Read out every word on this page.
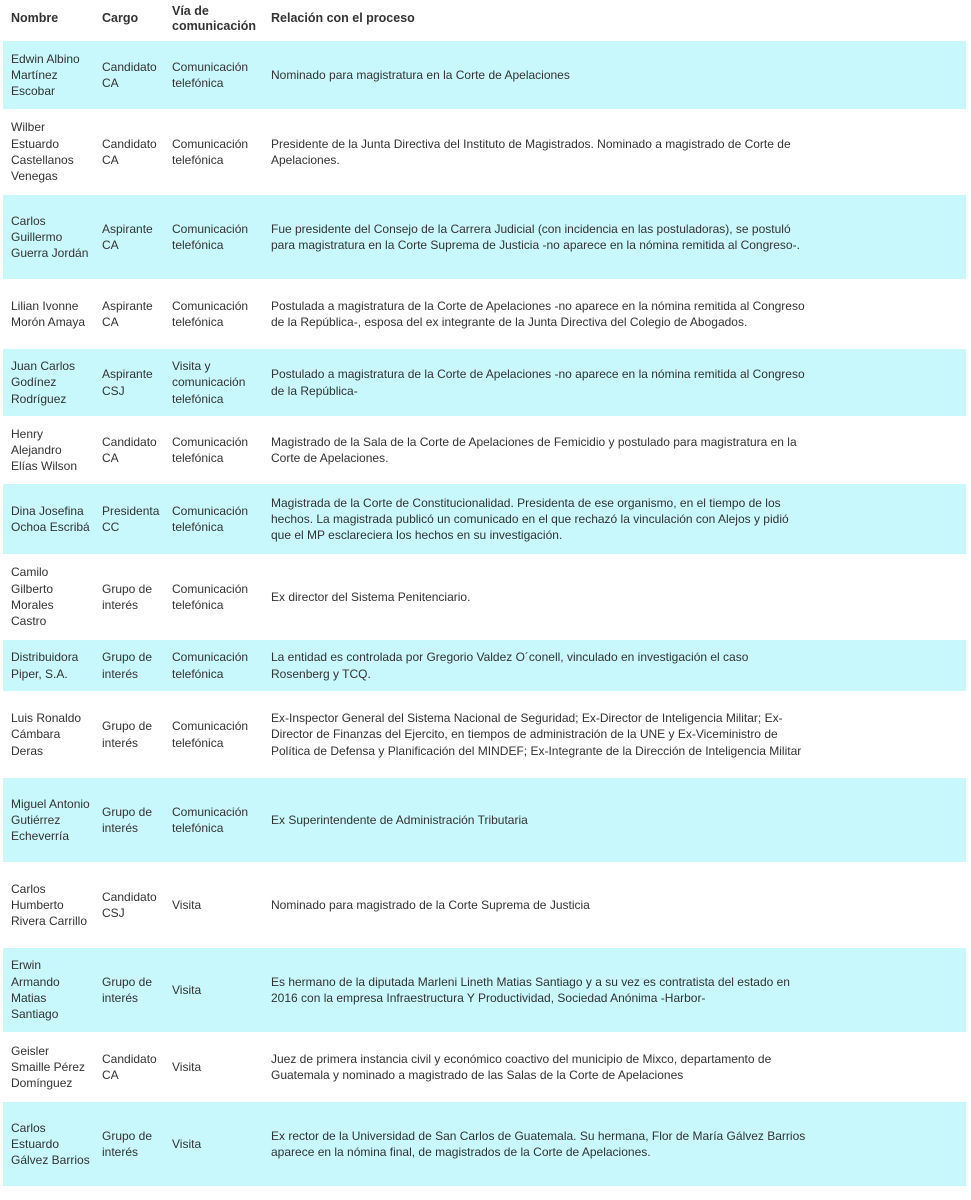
Nombre	Cargo	Vía de comunicación	Relación con el proceso
Edwin Albino Martínez Escobar	Candidato CA	Comunicación telefónica	Nominado para magistratura en la Corte de Apelaciones
Wilber Estuardo Castellanos Venegas	Candidato CA	Comunicación telefónica	Presidente de la Junta Directiva del Instituto de Magistrados. Nominado a magistrado de Corte de Apelaciones.
Carlos Guillermo Guerra Jordán	Aspirante CA	Comunicación telefónica	Fue presidente del Consejo de la Carrera Judicial (con incidencia en las postuladoras), se postuló para magistratura en la Corte Suprema de Justicia -no aparece en la nómina remitida al Congreso-.
Lilian Ivonne Morón Amaya	Aspirante CA	Comunicación telefónica	Postulada a magistratura de la Corte de Apelaciones -no aparece en la nómina remitida al Congreso de la República-, esposa del ex integrante de la Junta Directiva del Colegio de Abogados.
Juan Carlos Godínez Rodríguez	Aspirante CSJ	Visita y comunicación telefónica	Postulado a magistratura de la Corte de Apelaciones -no aparece en la nómina remitida al Congreso de la República-
Henry Alejandro Elías Wilson	Candidato CA	Comunicación telefónica	Magistrado de la Sala de la Corte de Apelaciones de Femicidio y postulado para magistratura en la Corte de Apelaciones.
Dina Josefina Ochoa Escribá	Presidenta CC	Comunicación telefónica	Magistrada de la Corte de Constitucionalidad. Presidenta de ese organismo, en el tiempo de los hechos. La magistrada publicó un comunicado en el que rechazó la vinculación con Alejos y pidió que el MP esclareciera los hechos en su investigación.
Camilo Gilberto Morales Castro	Grupo de interés	Comunicación telefónica	Ex director del Sistema Penitenciario.
Distribuidora Piper, S.A.	Grupo de interés	Comunicación telefónica	La entidad es controlada por Gregorio Valdez O´conell, vinculado en investigación el caso Rosenberg y TCQ.
Luis Ronaldo Cámbara Deras	Grupo de interés	Comunicación telefónica	Ex-Inspector General del Sistema Nacional de Seguridad; Ex-Director de Inteligencia Militar; Ex-Director de Finanzas del Ejercito, en tiempos de administración de la UNE y Ex-Viceministro de Política de Defensa y Planificación del MINDEF; Ex-Integrante de la Dirección de Inteligencia Militar
Miguel Antonio Gutiérrez Echeverría	Grupo de interés	Comunicación telefónica	Ex Superintendente de Administración Tributaria
Carlos Humberto Rivera Carrillo	Candidato CSJ	Visita	Nominado para magistrado de la Corte Suprema de Justicia
Erwin Armando Matias Santiago	Grupo de interés	Visita	Es hermano de la diputada Marleni Lineth Matias Santiago y a su vez es contratista del estado en 2016 con la empresa Infraestructura Y Productividad, Sociedad Anónima -Harbor-
Geisler Smaille Pérez Domínguez	Candidato CA	Visita	Juez de primera instancia civil y económico coactivo del municipio de Mixco, departamento de Guatemala y nominado a magistrado de las Salas de la Corte de Apelaciones
Carlos Estuardo Gálvez Barrios	Grupo de interés	Visita	Ex rector de la Universidad de San Carlos de Guatemala. Su hermana, Flor de María Gálvez Barrios aparece en la nómina final, de magistrados de la Corte de Apelaciones.
